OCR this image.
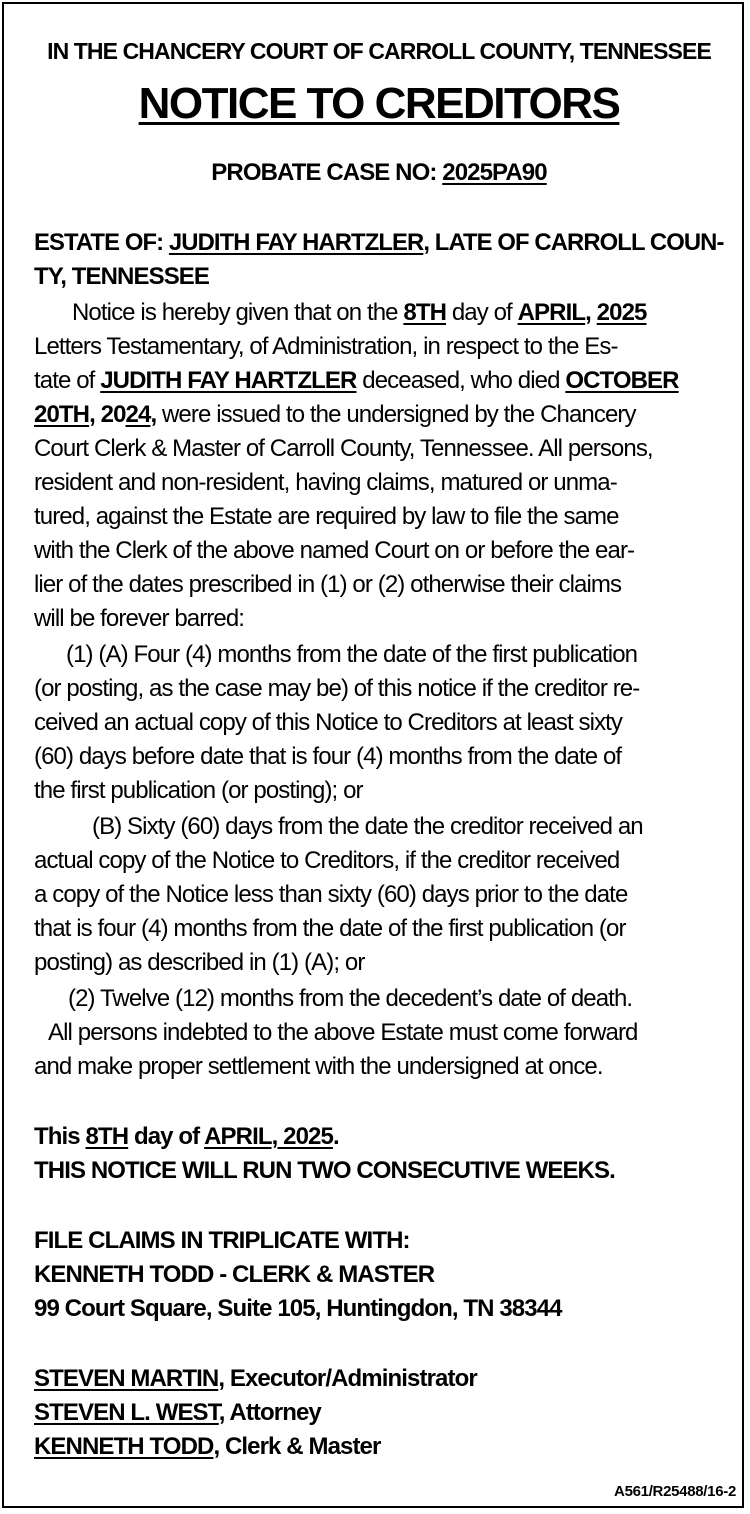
IN THE CHANCERY COURT OF CARROLL COUNTY, TENNESSEE
NOTICE TO CREDITORS
PROBATE CASE NO: 2025PA90
ESTATE OF: JUDITH FAY HARTZLER, LATE OF CARROLL COUN-
TY, TENNESSEE
Notice is hereby given that on the 8TH day of APRIL, 2025
Letters Testamentary, of Administration, in respect to the Es-
tate of JUDITH FAY HARTZLER deceased, who died OCTOBER
20TH, 2024, were issued to the undersigned by the Chancery
Court Clerk & Master of Carroll County, Tennessee. All persons,
resident and non-resident, having claims, matured or unma-
tured, against the Estate are required by law to file the same
with the Clerk of the above named Court on or before the ear-
lier of the dates prescribed in (1) or (2) otherwise their claims
will be forever barred:
(1) (A) Four (4) months from the date of the first publication
(or posting, as the case may be) of this notice if the creditor re-
ceived an actual copy of this Notice to Creditors at least sixty
(60) days before date that is four (4) months from the date of
the first publication (or posting); or
(B) Sixty (60) days from the date the creditor received an
actual copy of the Notice to Creditors, if the creditor received
a copy of the Notice less than sixty (60) days prior to the date
that is four (4) months from the date of the first publication (or
posting) as described in (1) (A); or
(2) Twelve (12) months from the decedent’s date of death.
All persons indebted to the above Estate must come forward
and make proper settlement with the undersigned at once.
This 8TH day of APRIL, 2025.
THIS NOTICE WILL RUN TWO CONSECUTIVE WEEKS.
FILE CLAIMS IN TRIPLICATE WITH:
KENNETH TODD - CLERK & MASTER
99 Court Square, Suite 105, Huntingdon, TN 38344
STEVEN MARTIN, Executor/Administrator
STEVEN L. WEST, Attorney
KENNETH TODD, Clerk & Master
A561/R25488/16-2
